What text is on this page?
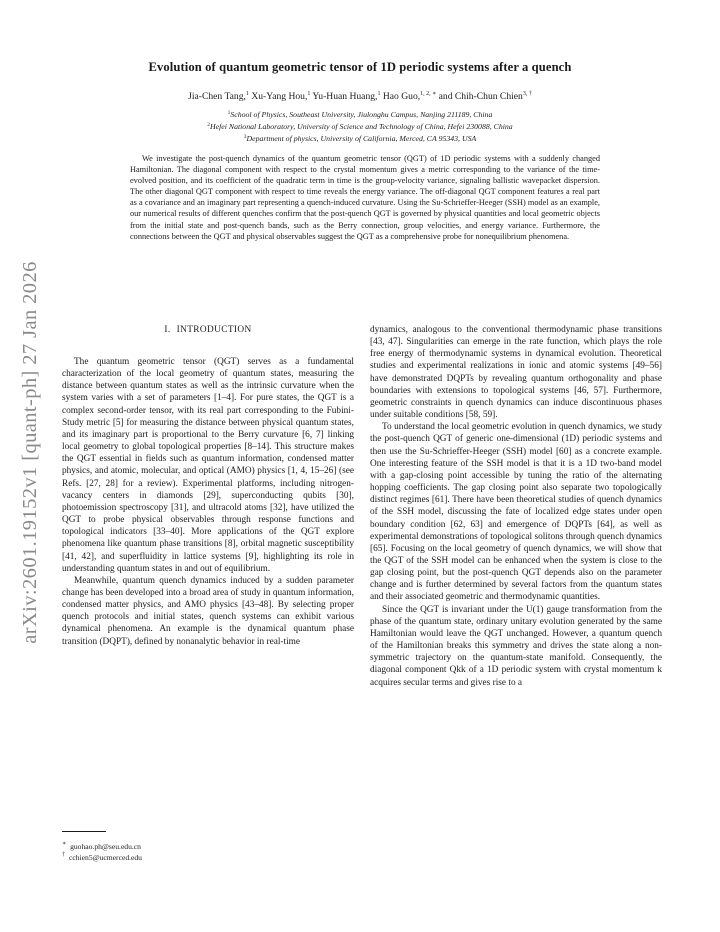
arXiv:2601.19152v1 [quant-ph] 27 Jan 2026
Evolution of quantum geometric tensor of 1D periodic systems after a quench
Jia-Chen Tang,$^1$ Xu-Yang Hou,$^1$ Yu-Huan Huang,$^1$ Hao Guo,$^{1, 2, ∗}$ and Chih-Chun Chien$^{3, \dagger}$
$^1$School of Physics, Southeast University, Jiulonghu Campus, Nanjing 211189, China
$^2$Hefei National Laboratory, University of Science and Technology of China, Hefei 230088, China
$^3$Department of physics, University of California, Merced, CA 95343, USA
We investigate the post-quench dynamics of the quantum geometric tensor (QGT) of 1D periodic systems with a suddenly changed Hamiltonian. The diagonal component with respect to the crystal momentum gives a metric corresponding to the variance of the time-evolved position, and its coefficient of the quadratic term in time is the group-velocity variance, signaling ballistic wavepacket dispersion. The other diagonal QGT component with respect to time reveals the energy variance. The off-diagonal QGT component features a real part as a covariance and an imaginary part representing a quench-induced curvature. Using the Su-Schrieffer-Heeger (SSH) model as an example, our numerical results of different quenches confirm that the post-quench QGT is governed by physical quantities and local geometric objects from the initial state and post-quench bands, such as the Berry connection, group velocities, and energy variance. Furthermore, the connections between the QGT and physical observables suggest the QGT as a comprehensive probe for nonequilibrium phenomena.
I. INTRODUCTION

The quantum geometric tensor (QGT) serves as a fundamental characterization of the local geometry of quantum states, measuring the distance between quantum states as well as the intrinsic curvature when the system varies with a set of parameters [1–4]. For pure states, the QGT is a complex second-order tensor, with its real part corresponding to the Fubini-Study metric [5] for measuring the distance between physical quantum states, and its imaginary part is proportional to the Berry curvature [6, 7] linking local geometry to global topological properties [8–14]. This structure makes the QGT essential in fields such as quantum information, condensed matter physics, and atomic, molecular, and optical (AMO) physics [1, 4, 15–26] (see Refs. [27, 28] for a review). Experimental platforms, including nitrogen-vacancy centers in diamonds [29], superconducting qubits [30], photoemission spectroscopy [31], and ultracold atoms [32], have utilized the QGT to probe physical observables through response functions and topological indicators [33–40]. More applications of the QGT explore phenomena like quantum phase transitions [8], orbital magnetic susceptibility [41, 42], and superfluidity in lattice systems [9], highlighting its role in understanding quantum states in and out of equilibrium.

Meanwhile, quantum quench dynamics induced by a sudden parameter change has been developed into a broad area of study in quantum information, condensed matter physics, and AMO physics [43–48]. By selecting proper quench protocols and initial states, quench systems can exhibit various dynamical phenomena. An example is the dynamical quantum phase transition (DQPT), defined by nonanalytic behavior in real-time

dynamics, analogous to the conventional thermodynamic phase transitions [43, 47]. Singularities can emerge in the rate function, which plays the role free energy of thermodynamic systems in dynamical evolution. Theoretical studies and experimental realizations in ionic and atomic systems [49–56] have demonstrated DQPTs by revealing quantum orthogonality and phase boundaries with extensions to topological systems [46, 57]. Furthermore, geometric constraints in quench dynamics can induce discontinuous phases under suitable conditions [58, 59].

To understand the local geometric evolution in quench dynamics, we study the post-quench QGT of generic one-dimensional (1D) periodic systems and then use the Su-Schrieffer-Heeger (SSH) model [60] as a concrete example. One interesting feature of the SSH model is that it is a 1D two-band model with a gap-closing point accessible by tuning the ratio of the alternating hopping coefficients. The gap closing point also separate two topologically distinct regimes [61]. There have been theoretical studies of quench dynamics of the SSH model, discussing the fate of localized edge states under open boundary condition [62, 63] and emergence of DQPTs [64], as well as experimental demonstrations of topological solitons through quench dynamics [65]. Focusing on the local geometry of quench dynamics, we will show that the QGT of the SSH model can be enhanced when the system is close to the gap closing point, but the post-quench QGT depends also on the parameter change and is further determined by several factors from the quantum states and their associated geometric and thermodynamic quantities.

Since the QGT is invariant under the U(1) gauge transformation from the phase of the quantum state, ordinary unitary evolution generated by the same Hamiltonian would leave the QGT unchanged. However, a quantum quench of the Hamiltonian breaks this symmetry and drives the state along a non-symmetric trajectory on the quantum-state manifold. Consequently, the diagonal component Qkk of a 1D periodic system with crystal momentum k acquires secular terms and gives rise to a

∗ guohao.ph@seu.edu.cn
† cchien5@ucmerced.edu
